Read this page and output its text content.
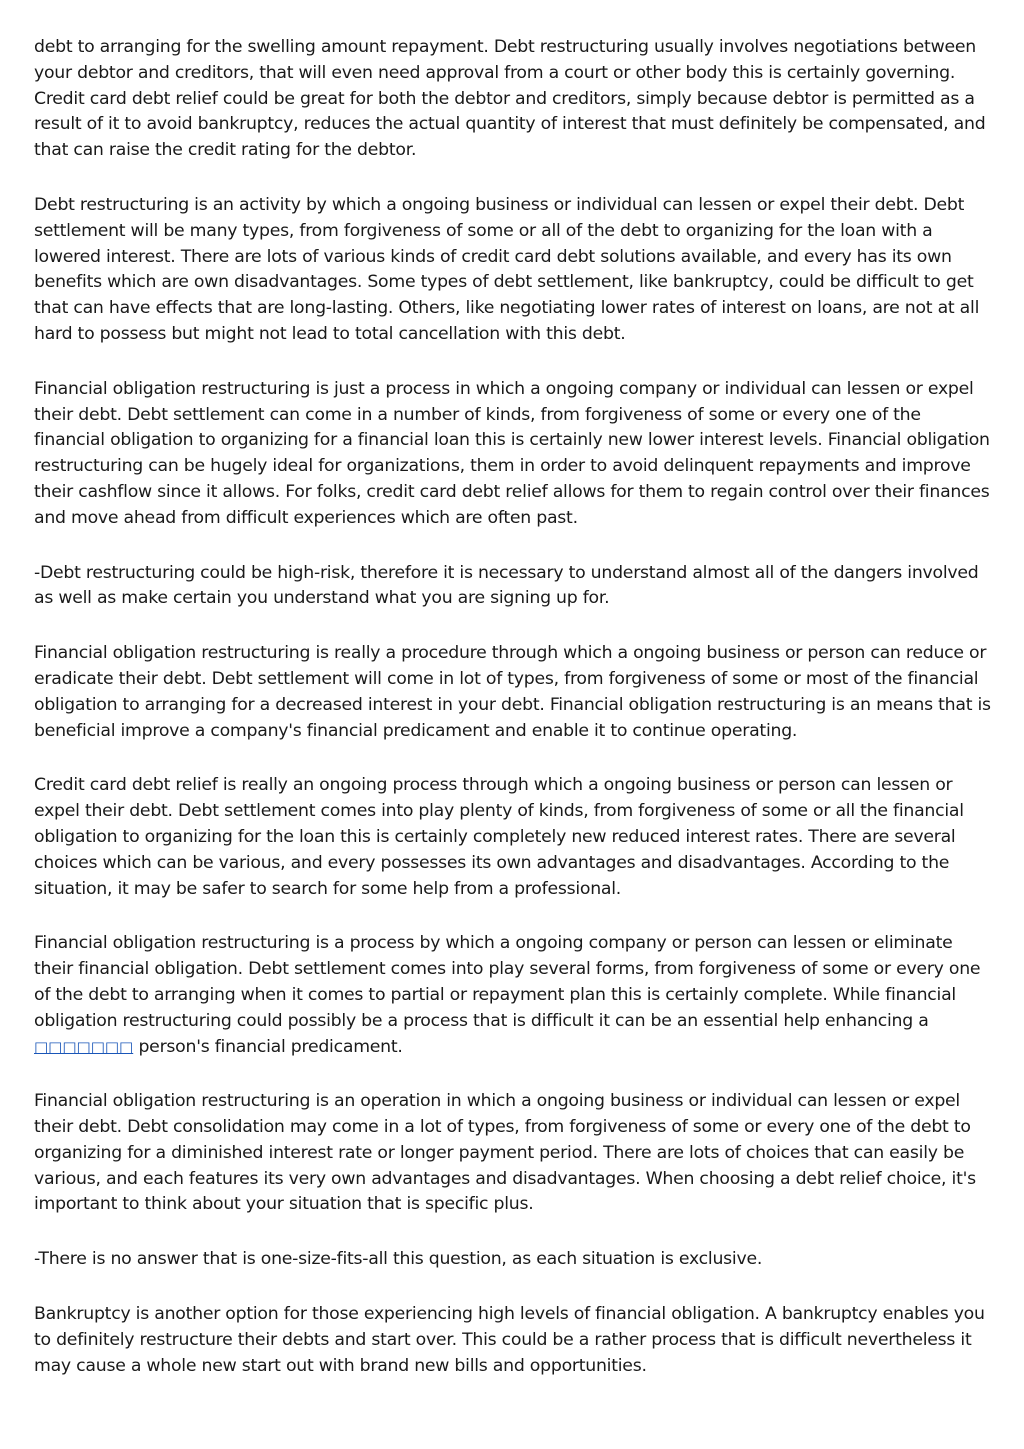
debt to arranging for the swelling amount repayment. Debt restructuring usually involves negotiations between your debtor and creditors, that will even need approval from a court or other body this is certainly governing. Credit card debt relief could be great for both the debtor and creditors, simply because debtor is permitted as a result of it to avoid bankruptcy, reduces the actual quantity of interest that must definitely be compensated, and that can raise the credit rating for the debtor.

Debt restructuring is an activity by which a ongoing business or individual can lessen or expel their debt. Debt settlement will be many types, from forgiveness of some or all of the debt to organizing for the loan with a lowered interest. There are lots of various kinds of credit card debt solutions available, and every has its own benefits which are own disadvantages. Some types of debt settlement, like bankruptcy, could be difficult to get that can have effects that are long-lasting. Others, like negotiating lower rates of interest on loans, are not at all hard to possess but might not lead to total cancellation with this debt.

Financial obligation restructuring is just a process in which a ongoing company or individual can lessen or expel their debt. Debt settlement can come in a number of kinds, from forgiveness of some or every one of the financial obligation to organizing for a financial loan this is certainly new lower interest levels. Financial obligation restructuring can be hugely ideal for organizations, them in order to avoid delinquent repayments and improve their cashflow since it allows. For folks, credit card debt relief allows for them to regain control over their finances and move ahead from difficult experiences which are often past.

-Debt restructuring could be high-risk, therefore it is necessary to understand almost all of the dangers involved as well as make certain you understand what you are signing up for.

Financial obligation restructuring is really a procedure through which a ongoing business or person can reduce or eradicate their debt. Debt settlement will come in lot of types, from forgiveness of some or most of the financial obligation to arranging for a decreased interest in your debt. Financial obligation restructuring is an means that is beneficial improve a company's financial predicament and enable it to continue operating.

Credit card debt relief is really an ongoing process through which a ongoing business or person can lessen or expel their debt. Debt settlement comes into play plenty of kinds, from forgiveness of some or all the financial obligation to organizing for the loan this is certainly completely new reduced interest rates. There are several choices which can be various, and every possesses its own advantages and disadvantages. According to the situation, it may be safer to search for some help from a professional.

Financial obligation restructuring is a process by which a ongoing company or person can lessen or eliminate their financial obligation. Debt settlement comes into play several forms, from forgiveness of some or every one of the debt to arranging when it comes to partial or repayment plan this is certainly complete. While financial obligation restructuring could possibly be a process that is difficult it can be an essential help enhancing a □□□□□□□ person's financial predicament.

Financial obligation restructuring is an operation in which a ongoing business or individual can lessen or expel their debt. Debt consolidation may come in a lot of types, from forgiveness of some or every one of the debt to organizing for a diminished interest rate or longer payment period. There are lots of choices that can easily be various, and each features its very own advantages and disadvantages. When choosing a debt relief choice, it's important to think about your situation that is specific plus.

-There is no answer that is one-size-fits-all this question, as each situation is exclusive.

Bankruptcy is another option for those experiencing high levels of financial obligation. A bankruptcy enables you to definitely restructure their debts and start over. This could be a rather process that is difficult nevertheless it may cause a whole new start out with brand new bills and opportunities.
